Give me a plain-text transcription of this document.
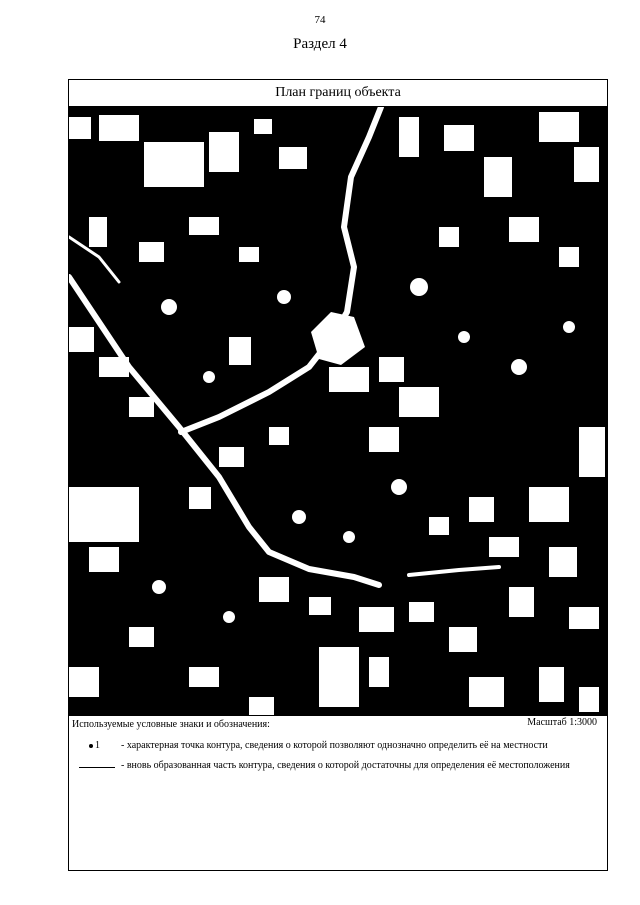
74
Раздел 4
План границ объекта
Используемые условные знаки и обозначения:	Масштаб 1:3000
1 - характерная точка контура, сведения о которой позволяют однозначно определить её на местности
- вновь образованная часть контура, сведения о которой достаточны для определения её местоположения
